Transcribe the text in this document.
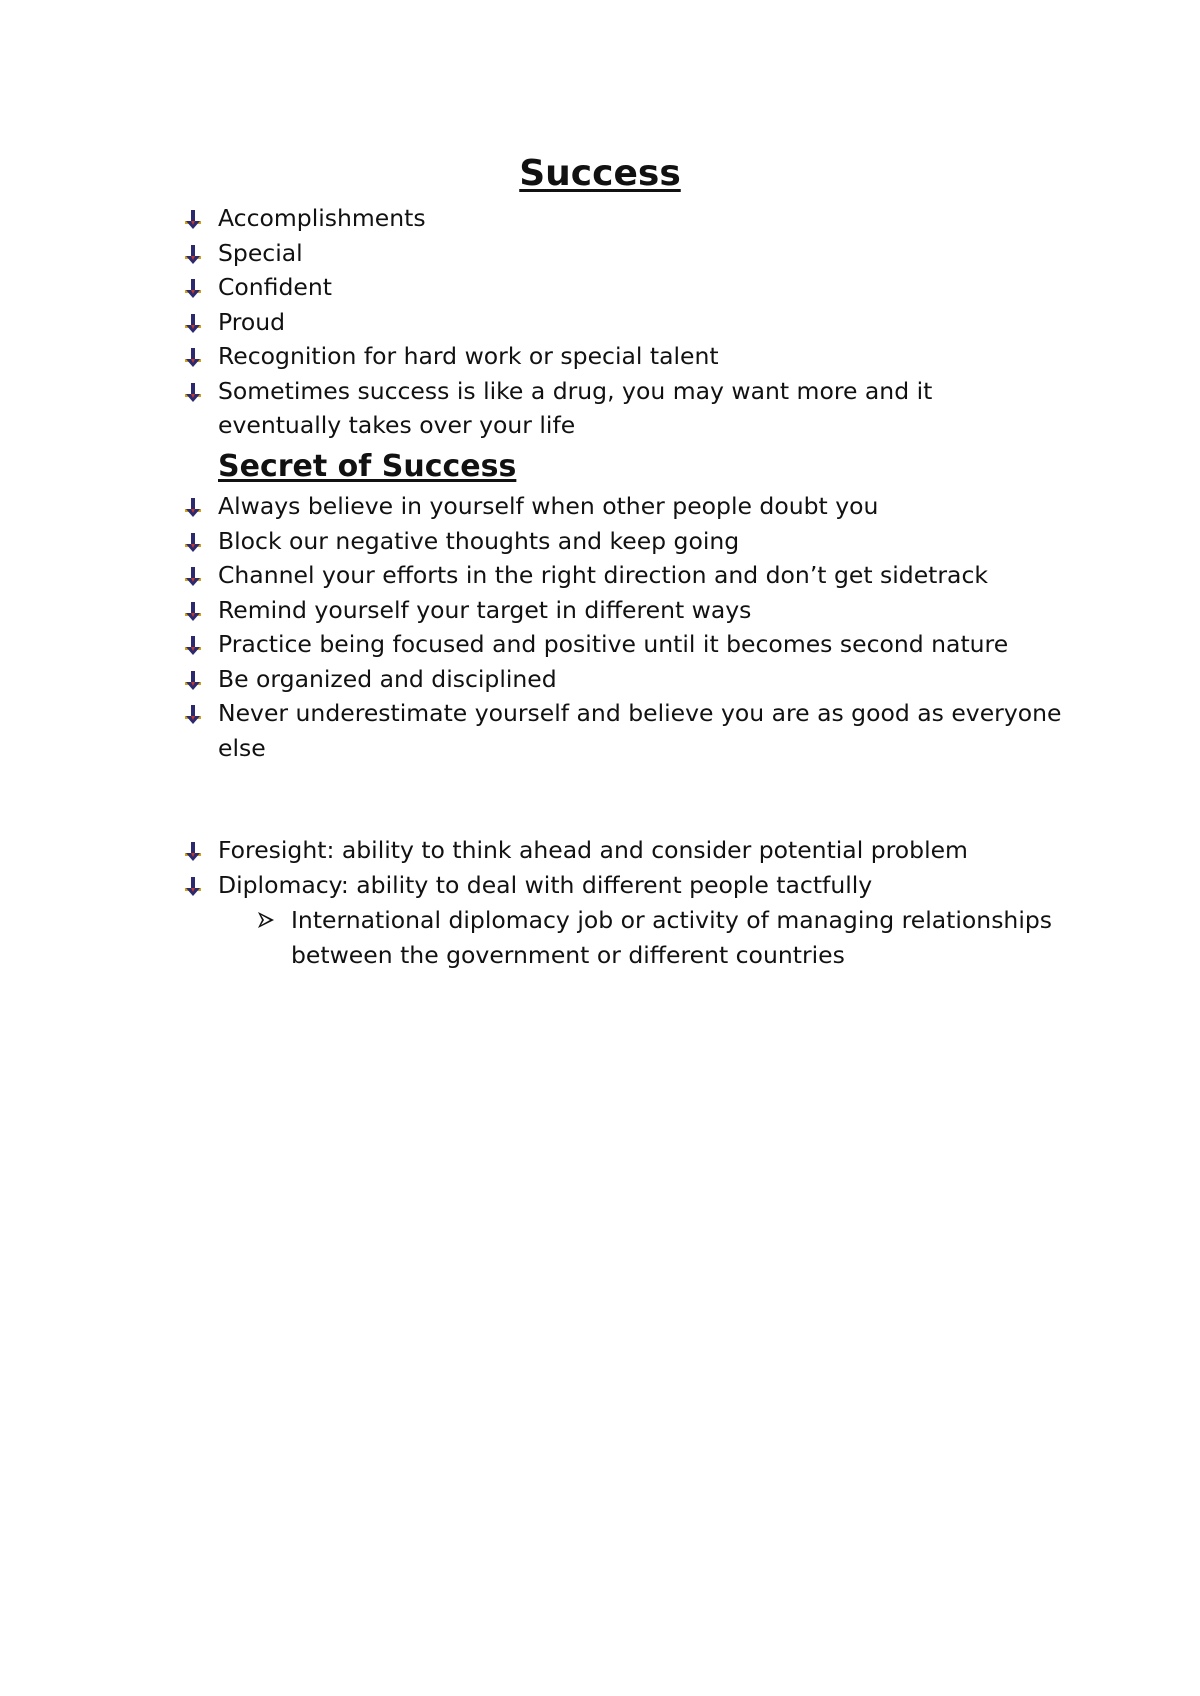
Success
Accomplishments
Special
Confident
Proud
Recognition for hard work or special talent
Sometimes success is like a drug, you may want more and it eventually takes over your life
Secret of Success
Always believe in yourself when other people doubt you
Block our negative thoughts and keep going
Channel your efforts in the right direction and don’t get sidetrack
Remind yourself your target in different ways
Practice being focused and positive until it becomes second nature
Be organized and disciplined
Never underestimate yourself and believe you are as good as everyone else
Foresight: ability to think ahead and consider potential problem
Diplomacy: ability to deal with different people tactfully
International diplomacy job or activity of managing relationships between the government or different countries
